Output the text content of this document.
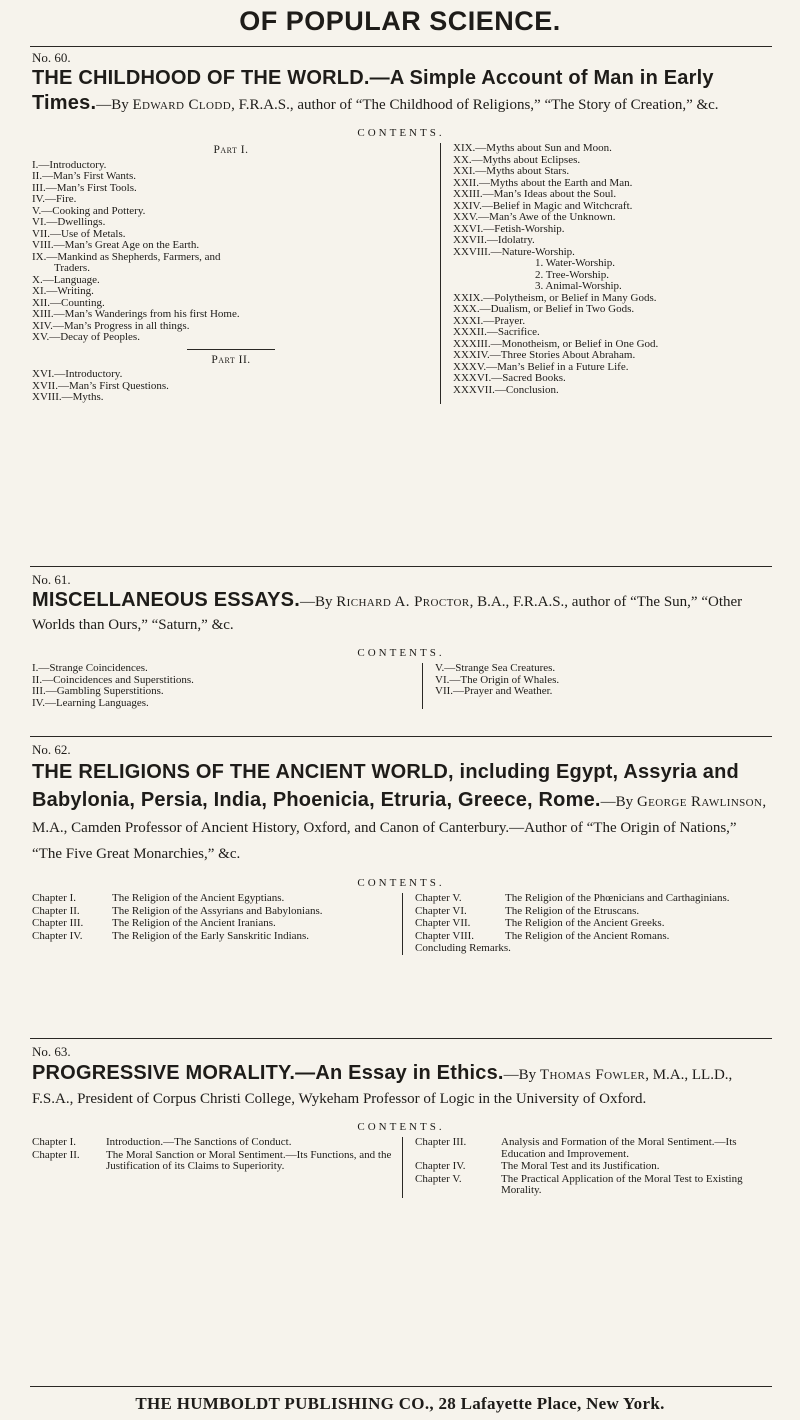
OF POPULAR SCIENCE.
No. 60.
THE CHILDHOOD OF THE WORLD.—A Simple Account of Man in Early Times.—By Edward Clodd, F.R.A.S., author of “The Childhood of Religions,” “The Story of Creation,” &c.
CONTENTS.
Part I.
I.—Introductory.
II.—Man’s First Wants.
III.—Man’s First Tools.
IV.—Fire.
V.—Cooking and Pottery.
VI.—Dwellings.
VII.—Use of Metals.
VIII.—Man’s Great Age on the Earth.
IX.—Mankind as Shepherds, Farmers, and
Traders.
X.—Language.
XI.—Writing.
XII.—Counting.
XIII.—Man’s Wanderings from his first Home.
XIV.—Man’s Progress in all things.
XV.—Decay of Peoples.
Part II.
XVI.—Introductory.
XVII.—Man’s First Questions.
XVIII.—Myths.
XIX.—Myths about Sun and Moon.
XX.—Myths about Eclipses.
XXI.—Myths about Stars.
XXII.—Myths about the Earth and Man.
XXIII.—Man’s Ideas about the Soul.
XXIV.—Belief in Magic and Witchcraft.
XXV.—Man’s Awe of the Unknown.
XXVI.—Fetish-Worship.
XXVII.—Idolatry.
XXVIII.—Nature-Worship.
1. Water-Worship.
2. Tree-Worship.
3. Animal-Worship.
XXIX.—Polytheism, or Belief in Many Gods.
XXX.—Dualism, or Belief in Two Gods.
XXXI.—Prayer.
XXXII.—Sacrifice.
XXXIII.—Monotheism, or Belief in One God.
XXXIV.—Three Stories About Abraham.
XXXV.—Man’s Belief in a Future Life.
XXXVI.—Sacred Books.
XXXVII.—Conclusion.
No. 61.
MISCELLANEOUS ESSAYS.—By Richard A. Proctor, B.A., F.R.A.S., author of “The Sun,” “Other Worlds than Ours,” “Saturn,” &c.
CONTENTS.
I.—Strange Coincidences.
II.—Coincidences and Superstitions.
III.—Gambling Superstitions.
IV.—Learning Languages.
V.—Strange Sea Creatures.
VI.—The Origin of Whales.
VII.—Prayer and Weather.
No. 62.
THE RELIGIONS OF THE ANCIENT WORLD, including Egypt, Assyria and Babylonia, Persia, India, Phoenicia, Etruria, Greece, Rome.—By George Rawlinson, M.A., Camden Professor of Ancient History, Oxford, and Canon of Canterbury.—Author of “The Origin of Nations,” “The Five Great Monarchies,” &c.
CONTENTS.
Chapter I.	The Religion of the Ancient Egyptians.
Chapter II.	The Religion of the Assyrians and Babylonians.
Chapter III.	The Religion of the Ancient Iranians.
Chapter IV.	The Religion of the Early Sanskritic Indians.
Chapter V.	The Religion of the Phœnicians and Carthaginians.
Chapter VI.	The Religion of the Etruscans.
Chapter VII.	The Religion of the Ancient Greeks.
Chapter VIII.	The Religion of the Ancient Romans.
Concluding Remarks.
No. 63.
PROGRESSIVE MORALITY.—An Essay in Ethics.—By Thomas Fowler, M.A., LL.D., F.S.A., President of Corpus Christi College, Wykeham Professor of Logic in the University of Oxford.
CONTENTS.
Chapter I.	Introduction.—The Sanctions of Conduct.
Chapter II.	The Moral Sanction or Moral Sentiment.—Its Functions, and the Justification of its Claims to Superiority.
Chapter III.	Analysis and Formation of the Moral Sentiment.—Its Education and Improvement.
Chapter IV.	The Moral Test and its Justification.
Chapter V.	The Practical Application of the Moral Test to Existing Morality.
THE HUMBOLDT PUBLISHING CO., 28 Lafayette Place, New York.
